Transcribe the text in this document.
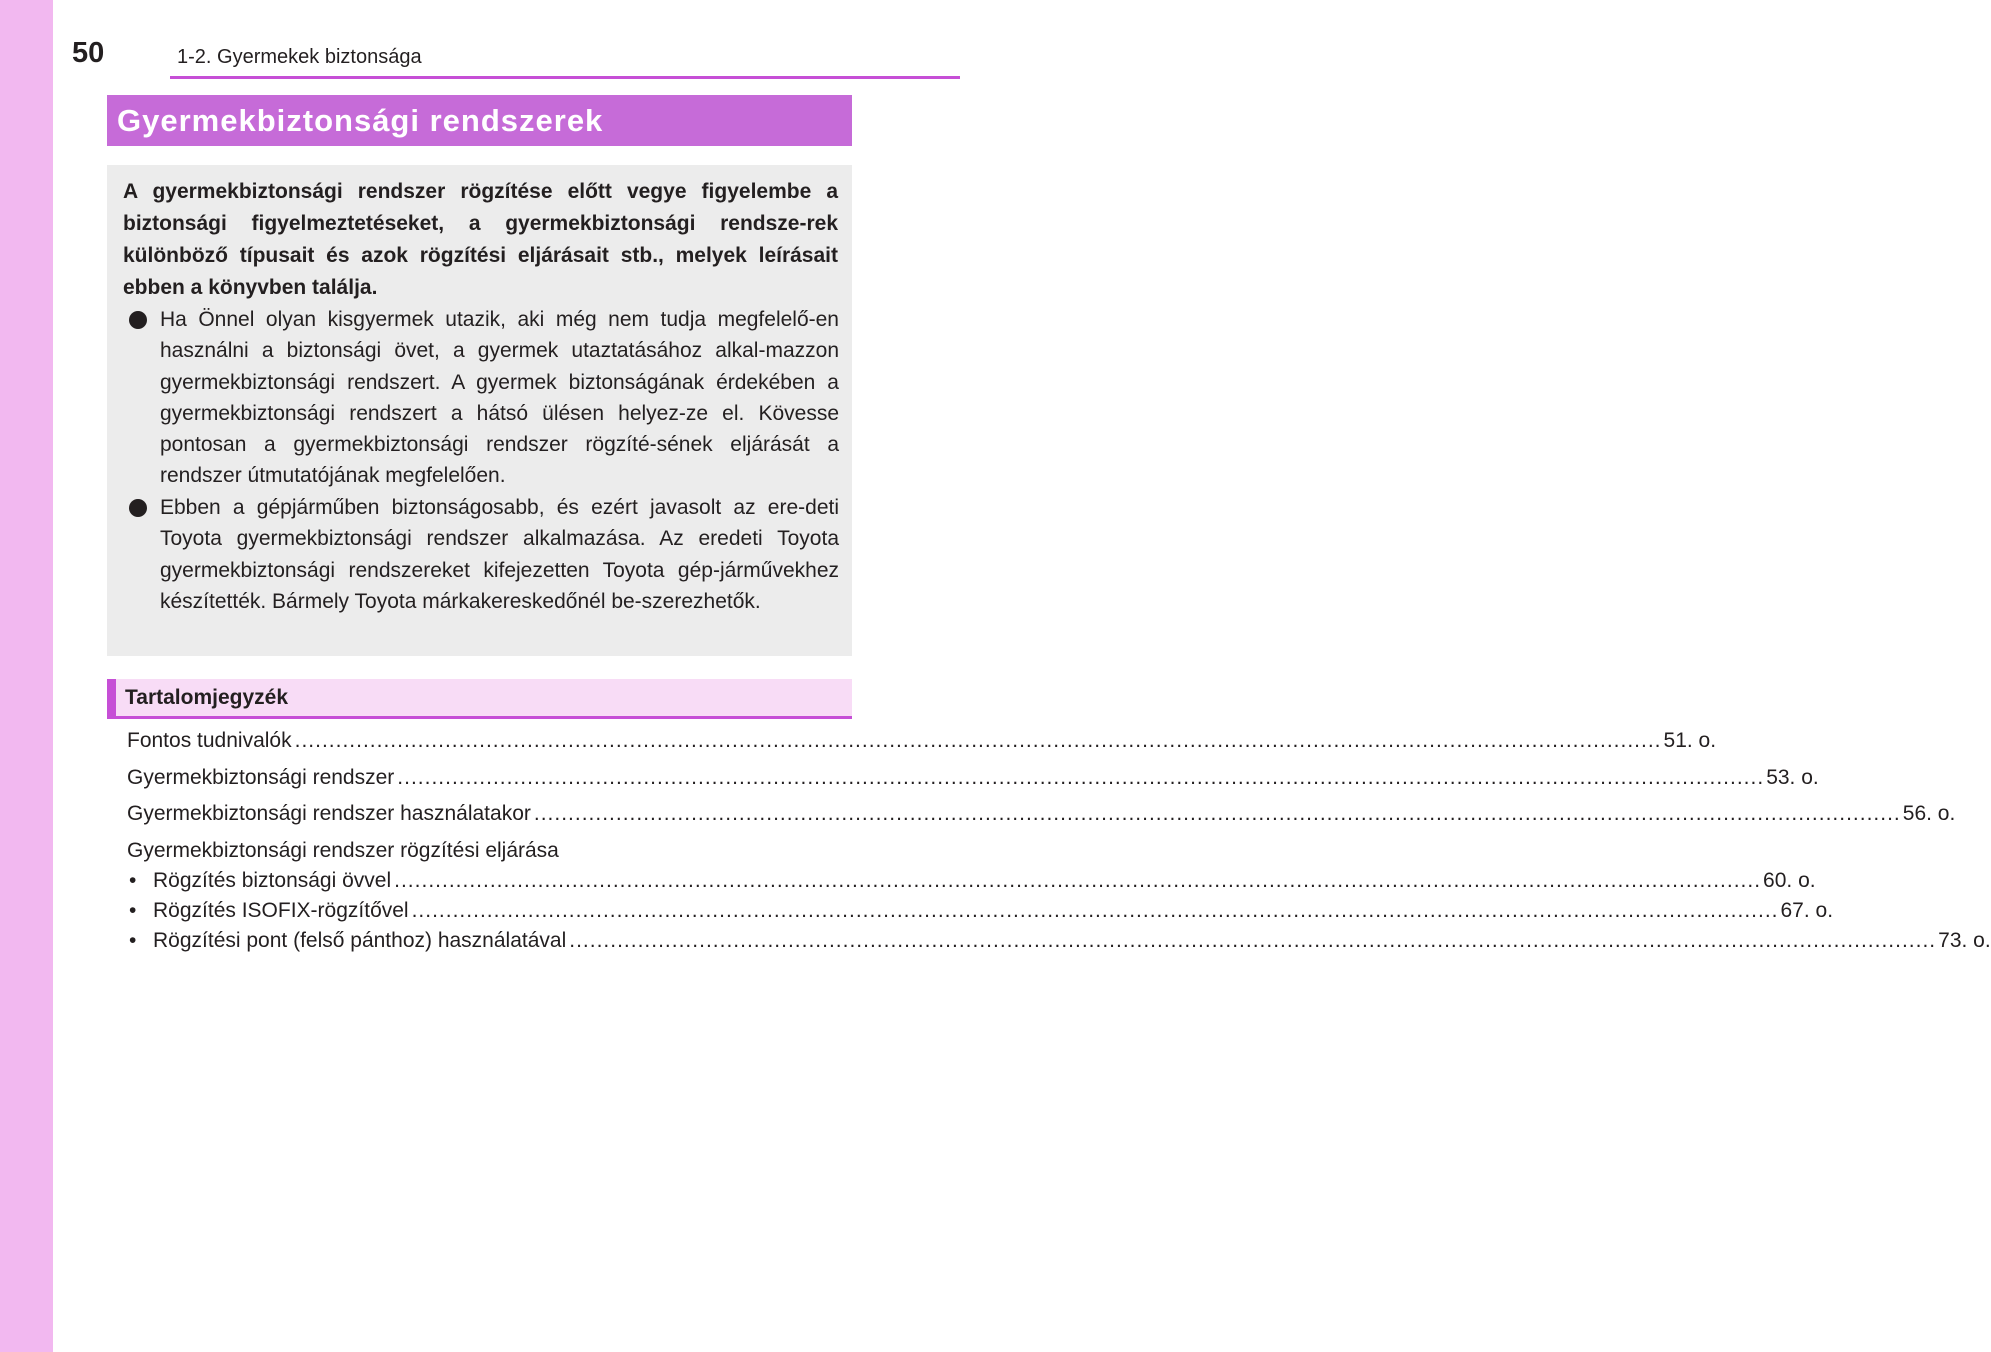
50	1-2. Gyermekek biztonsága
Gyermekbiztonsági rendszerek
A gyermekbiztonsági rendszer rögzítése előtt vegye figyelembe a biztonsági figyelmeztetéseket, a gyermekbiztonsági rendsze-rek különböző típusait és azok rögzítési eljárásait stb., melyek leírásait ebben a könyvben találja.
Ha Önnel olyan kisgyermek utazik, aki még nem tudja megfelelő-en használni a biztonsági övet, a gyermek utaztatásához alkal-mazzon gyermekbiztonsági rendszert. A gyermek biztonságának érdekében a gyermekbiztonsági rendszert a hátsó ülésen helyez-ze el. Kövesse pontosan a gyermekbiztonsági rendszer rögzíté-sének eljárását a rendszer útmutatójának megfelelően.
Ebben a gépjárműben biztonságosabb, és ezért javasolt az ere-deti Toyota gyermekbiztonsági rendszer alkalmazása. Az eredeti Toyota gyermekbiztonsági rendszereket kifejezetten Toyota gép-járművekhez készítették. Bármely Toyota márkakereskedőnél be-szerezhetők.
Tartalomjegyzék
Fontos tudnivalók ........................................................................................................................................................................................................ 51. o.
Gyermekbiztonsági rendszer ........................................................................................................................................................................................................ 53. o.
Gyermekbiztonsági rendszer használatakor ........................................................................................................................................................................................................ 56. o.
Gyermekbiztonsági rendszer rögzítési eljárása
• Rögzítés biztonsági övvel ........................................................................................................................................................................................................ 60. o.
• Rögzítés ISOFIX-rögzítővel ........................................................................................................................................................................................................ 67. o.
• Rögzítési pont (felső pánthoz) használatával ........................................................................................................................................................................................................ 73. o.
